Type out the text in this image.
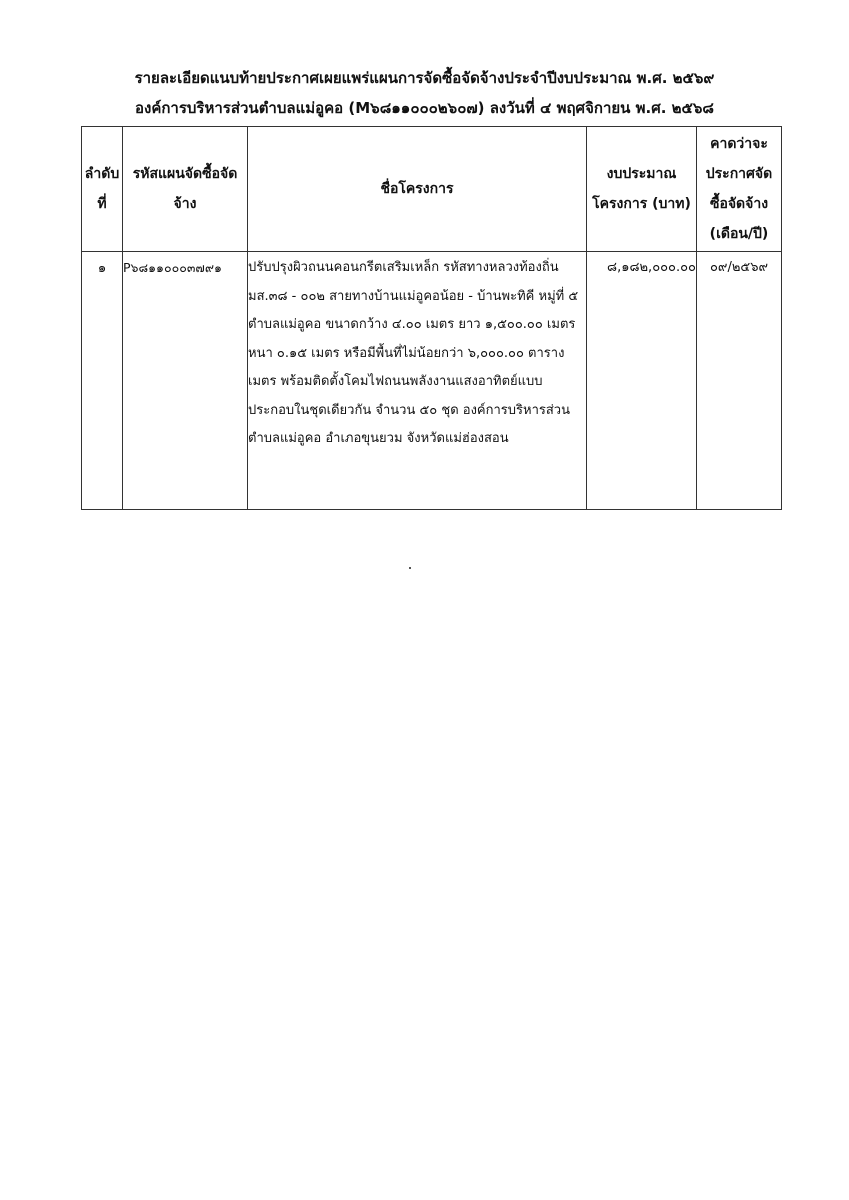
รายละเอียดแนบท้ายประกาศเผยแพร่แผนการจัดซื้อจัดจ้างประจำปีงบประมาณ พ.ศ. ๒๕๖๙
องค์การบริหารส่วนตำบลแม่อูคอ (M๖๘๑๑๐๐๐๒๖๐๗) ลงวันที่ ๔ พฤศจิกายน พ.ศ. ๒๕๖๘
ลำดับที่	รหัสแผนจัดซื้อจัดจ้าง	ชื่อโครงการ	งบประมาณโครงการ (บาท)	คาดว่าจะประกาศจัดซื้อจัดจ้าง (เดือน/ปี)
๑	P๖๘๑๑๐๐๐๓๗๙๑	ปรับปรุงผิวถนนคอนกรีตเสริมเหล็ก รหัสทางหลวงท้องถิ่น มส.๓๘ - ๐๐๒ สายทางบ้านแม่อูคอน้อย - บ้านพะทิคี หมู่ที่ ๕ ตำบลแม่อูคอ ขนาดกว้าง ๔.๐๐ เมตร ยาว ๑,๕๐๐.๐๐ เมตร หนา ๐.๑๕ เมตร หรือมีพื้นที่ไม่น้อยกว่า ๖,๐๐๐.๐๐ ตารางเมตร พร้อมติดตั้งโคมไฟถนนพลังงานแสงอาทิตย์แบบประกอบในชุดเดียวกัน จำนวน ๕๐ ชุด องค์การบริหารส่วนตำบลแม่อูคอ อำเภอขุนยวม จังหวัดแม่ฮ่องสอน	๘,๑๘๒,๐๐๐.๐๐	๐๙/๒๕๖๙
